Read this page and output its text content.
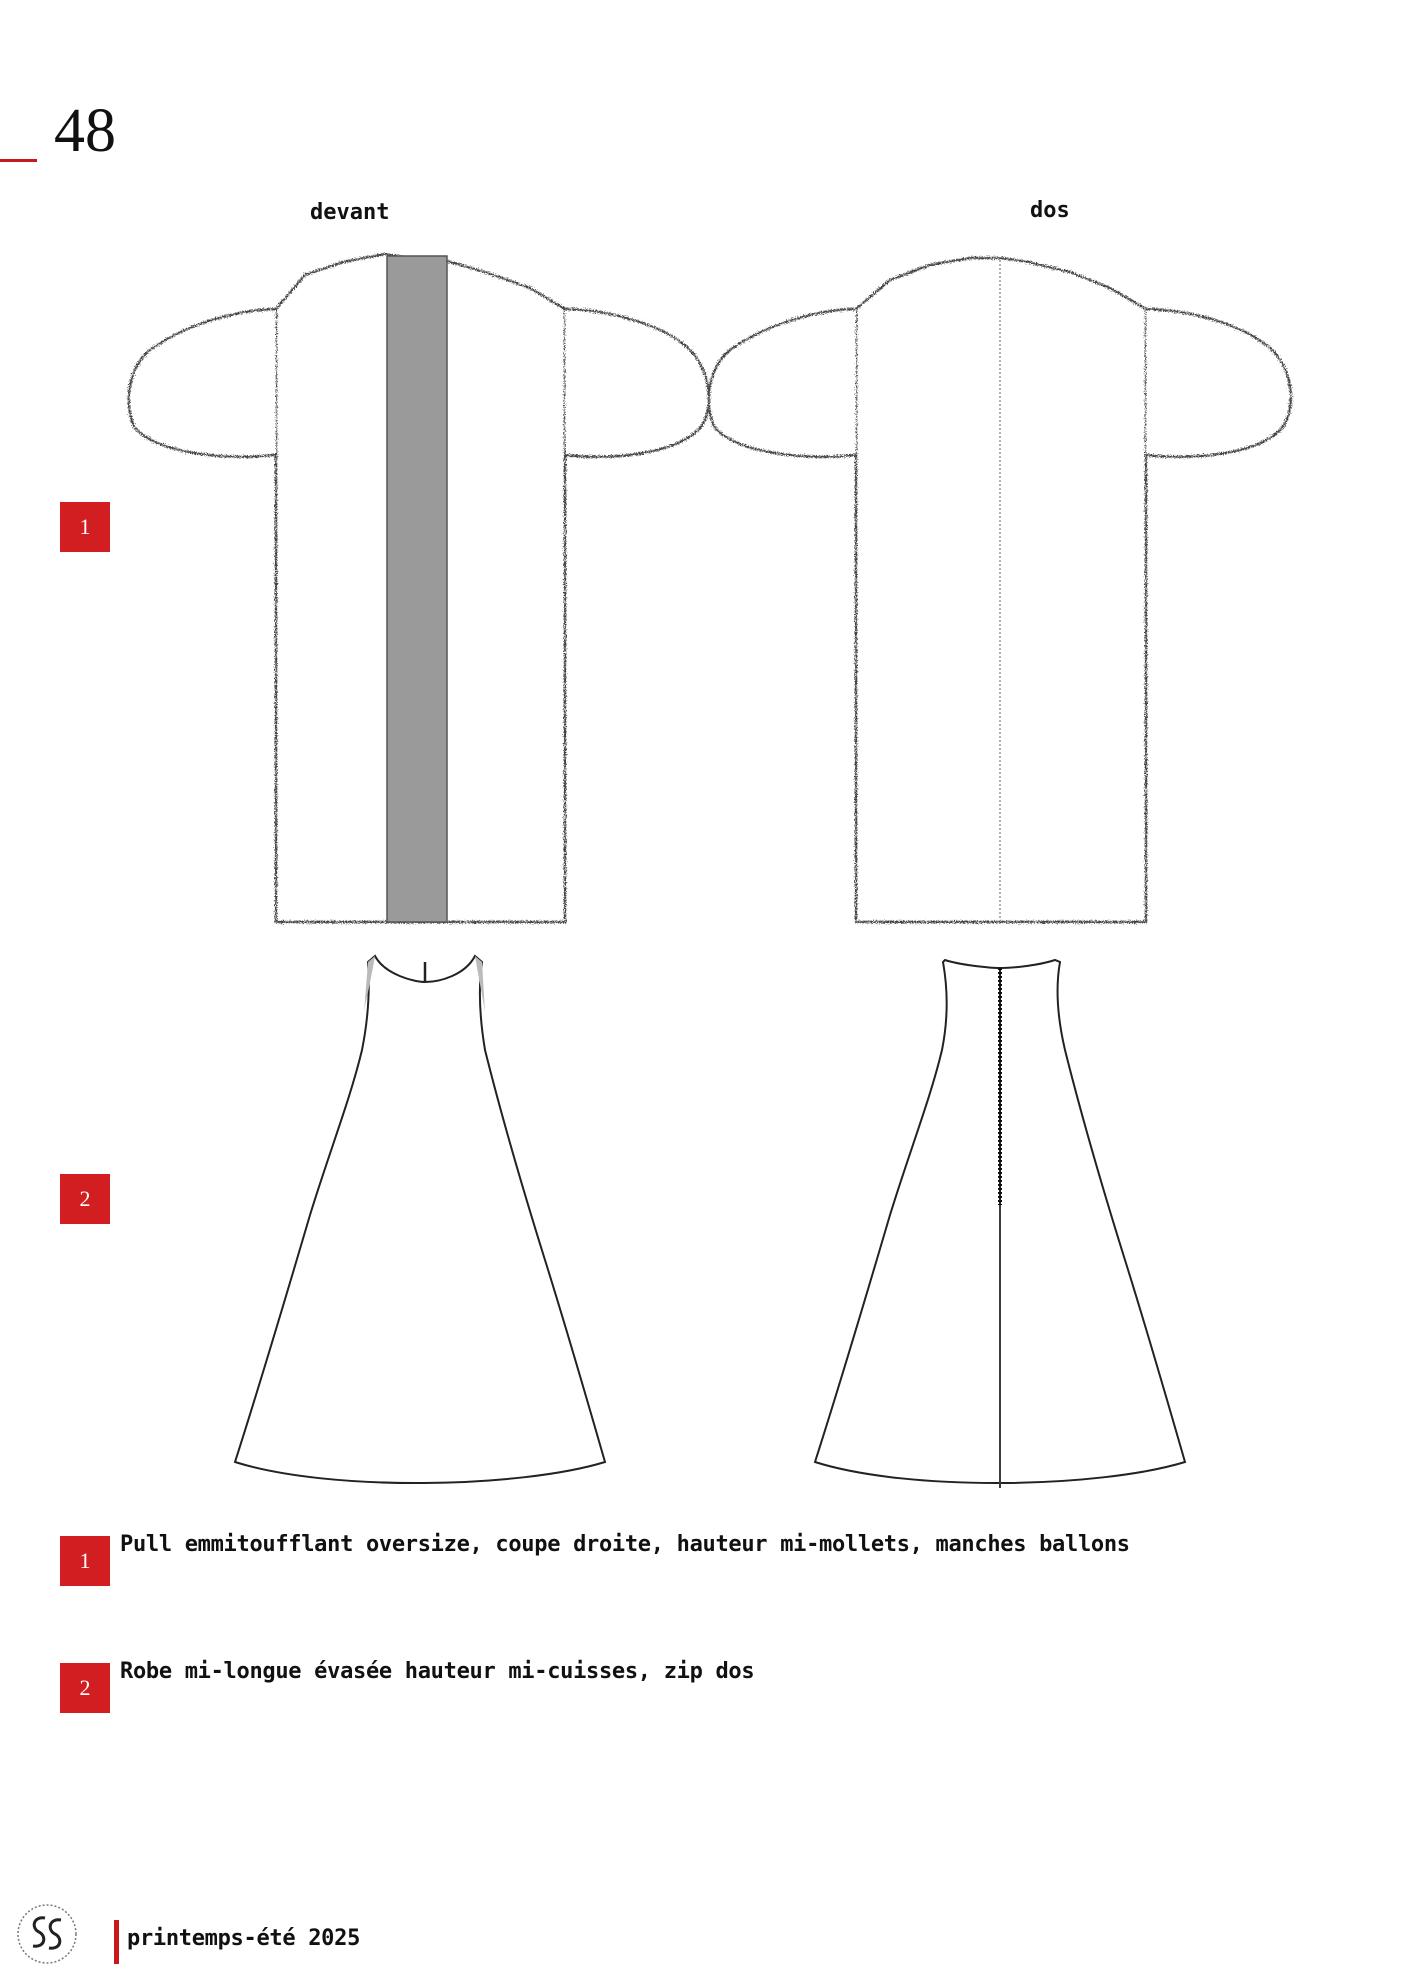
48
devant	dos
1
2
1
Pull emmitoufflant oversize, coupe droite, hauteur mi-mollets, manches ballons
2
Robe mi-longue évasée hauteur mi-cuisses, zip dos
printemps-été 2025
